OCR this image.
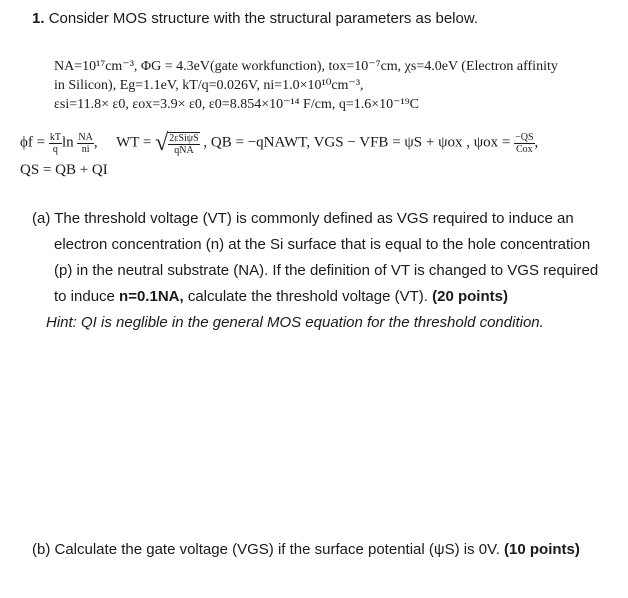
1. Consider MOS structure with the structural parameters as below.
NA=10¹⁷cm⁻³, ΦG = 4.3eV(gate workfunction), tox=10⁻⁷cm, χs=4.0eV (Electron affinity
in Silicon), Eg=1.1eV, kT/q=0.026V, ni=1.0×10¹⁰cm⁻³,
εsi=11.8× ε0, εox=3.9× ε0, ε0=8.854×10⁻¹⁴ F/cm, q=1.6×10⁻¹⁹C
$\phi f = \frac{kT}{q}$ $\ln \frac{NA}{ni}$ ,     WT = √ $\frac{\text{2εSiψS}}{\text{qNA}}$ , QB = −qNAWT, VGS − VFB = ψS + ψox , $\psi ox = \frac{-QS}{\text{Cox}}$ ,
QS = QB + QI
(a) The threshold voltage (VT) is commonly defined as VGS required to induce an
electron concentration (n) at the Si surface that is equal to the hole concentration
(p) in the neutral substrate (NA). If the definition of VT is changed to VGS required
to induce n=0.1NA, calculate the threshold voltage (VT). (20 points)
Hint: QI is neglible in the general MOS equation for the threshold condition.
(b) Calculate the gate voltage (VGS) if the surface potential (ψS) is 0V. (10 points)
